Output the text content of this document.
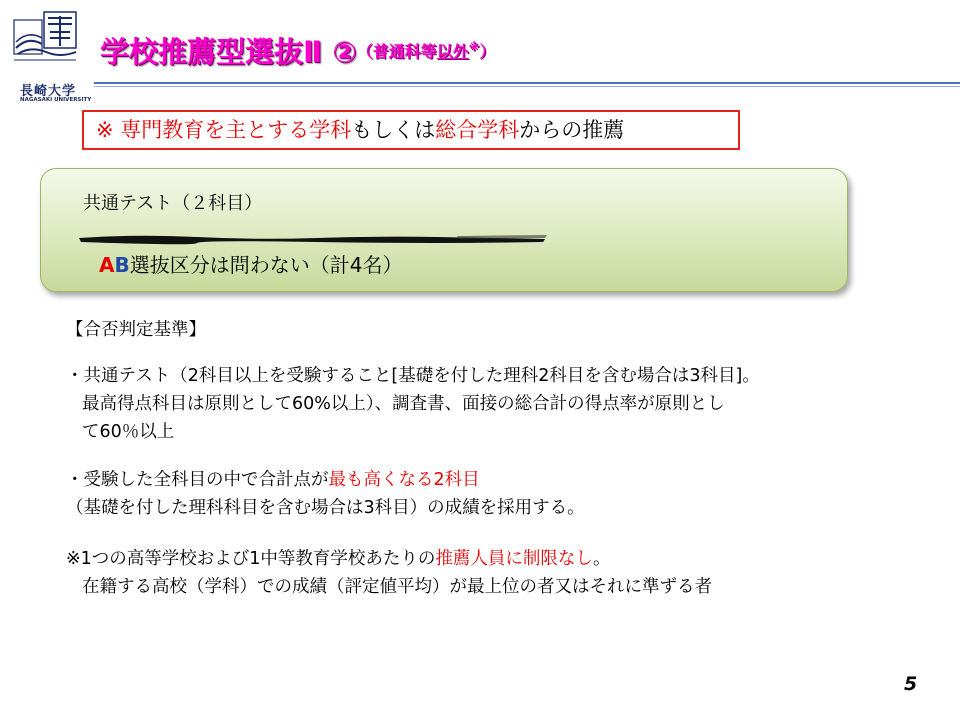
長崎大学
NAGASAKI UNIVERSITY
学校推薦型選抜Ⅱ ②（普通科等以外※）
※ 専門教育を主とする学科もしくは総合学科からの推薦
共通テスト（２科目）
AB選抜区分は問わない（計4名）
【合否判定基準】
・共通テスト（2科目以上を受験すること[基礎を付した理科2科目を含む場合は3科目]。
最高得点科目は原則として60%以上）、調査書、面接の総合計の得点率が原則とし
て60％以上
・受験した全科目の中で合計点が最も高くなる2科目
（基礎を付した理科科目を含む場合は3科目）の成績を採用する。
※1つの高等学校および1中等教育学校あたりの推薦人員に制限なし。
在籍する高校（学科）での成績（評定値平均）が最上位の者又はそれに準ずる者
5
